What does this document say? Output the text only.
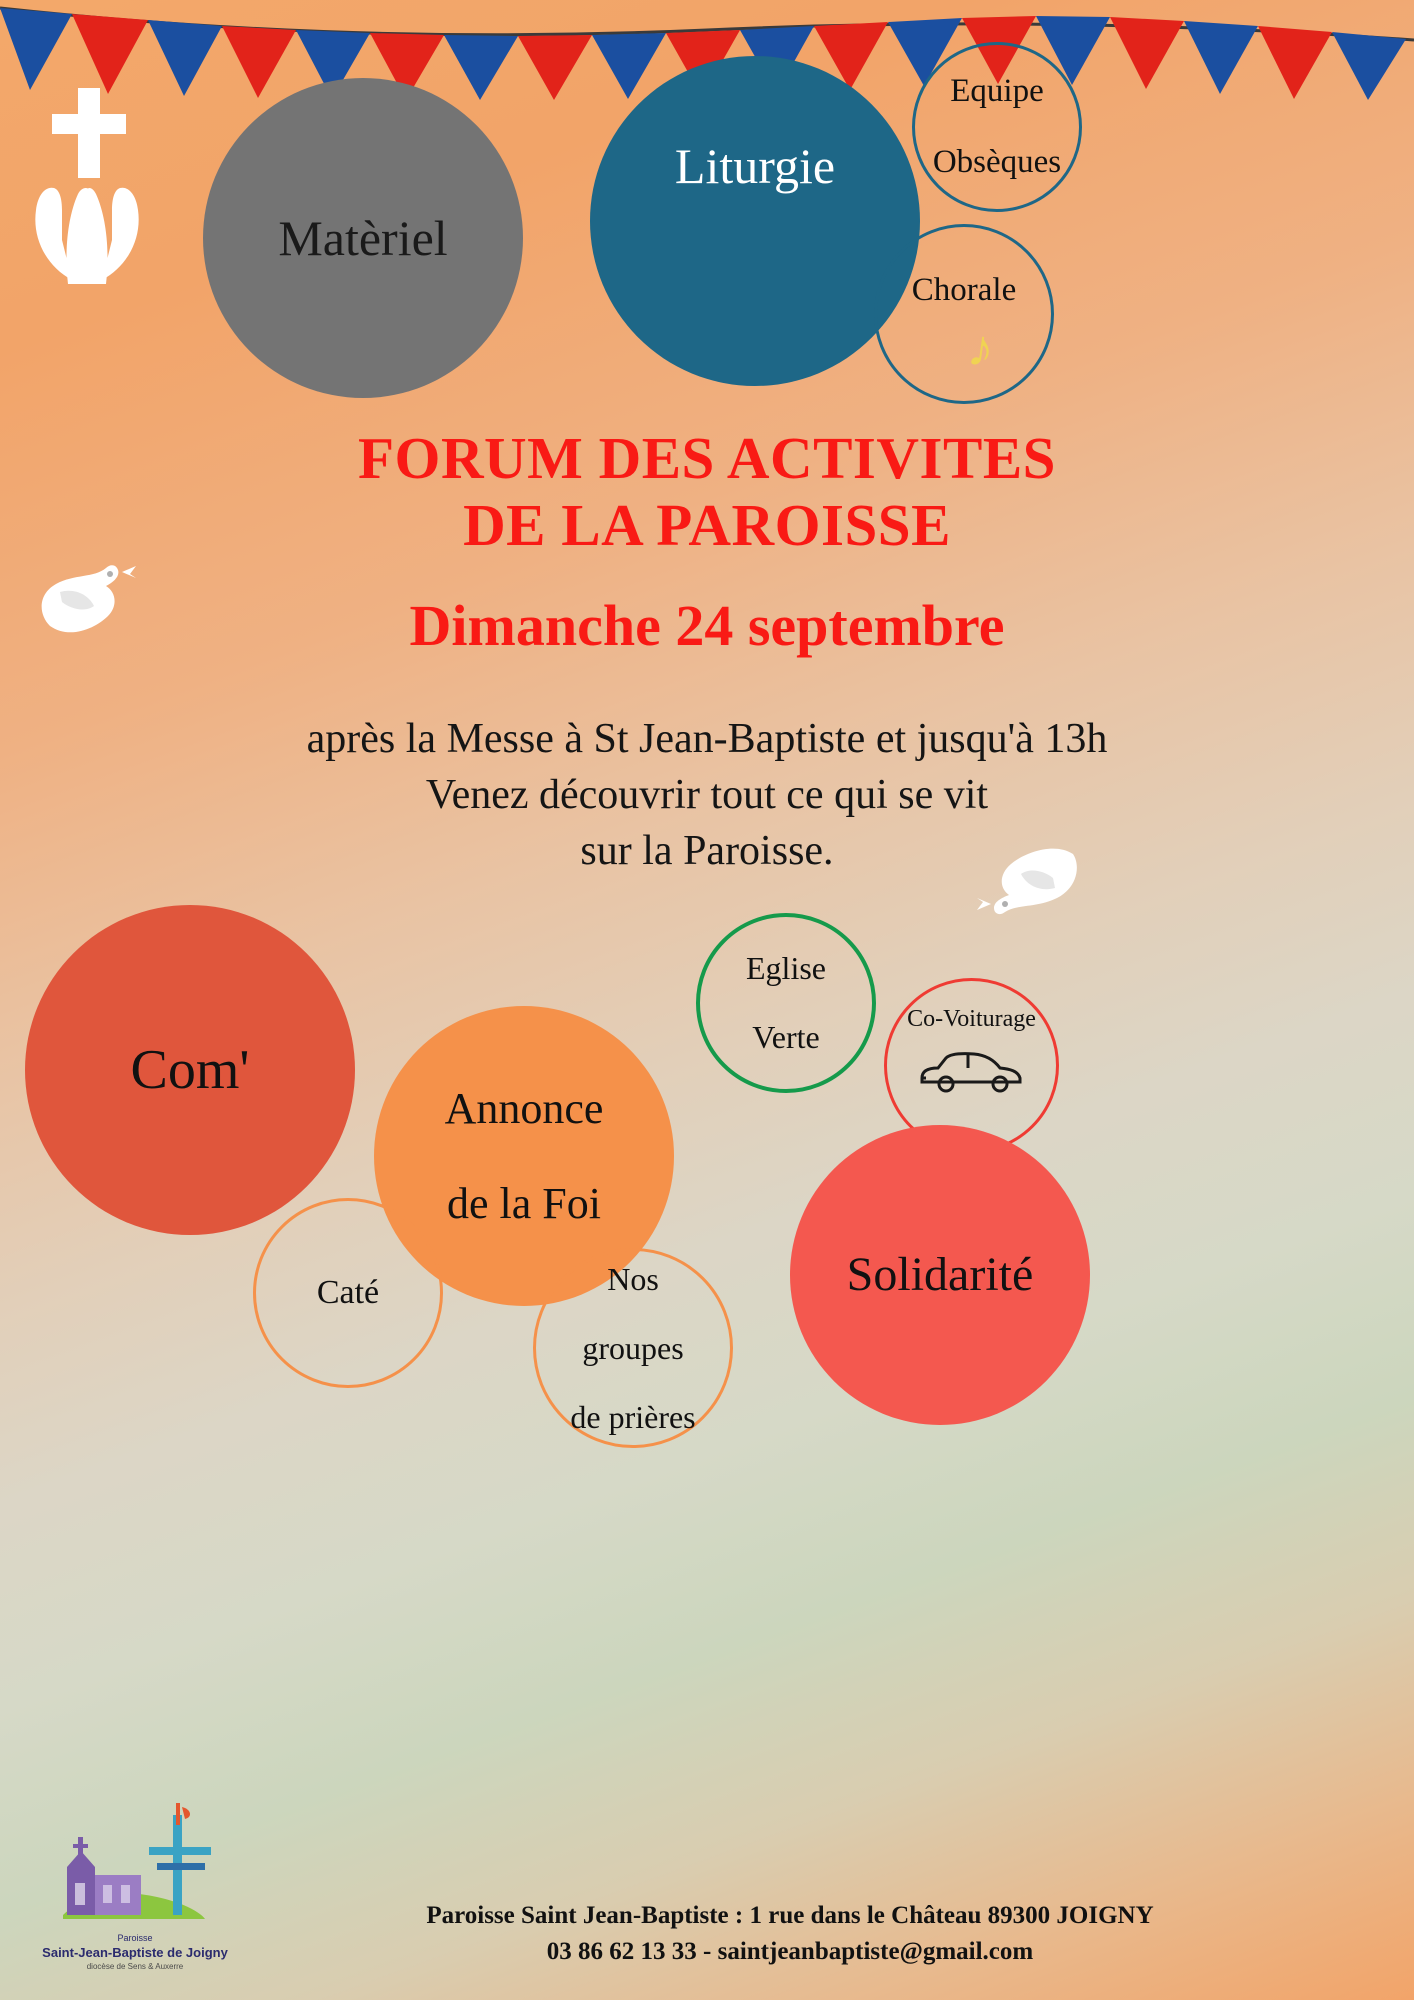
Matèriel
Liturgie
Equipe

Obsèques
Chorale
♪
Com'
Annonce

de la Foi
Caté	Nos

groupes

de prières
Eglise

Verte
Co-Voiturage
Solidarité
FORUM DES ACTIVITES
DE LA PAROISSE
Dimanche 24 septembre
après la Messe à St Jean-Baptiste et jusqu'à 13h
Venez découvrir tout ce qui se vit
sur la Paroisse.
Paroisse
Saint-Jean-Baptiste de Joigny
diocèse de Sens & Auxerre
Paroisse Saint Jean-Baptiste : 1 rue dans le Château 89300 JOIGNY
03 86 62 13 33 - saintjeanbaptiste@gmail.com
